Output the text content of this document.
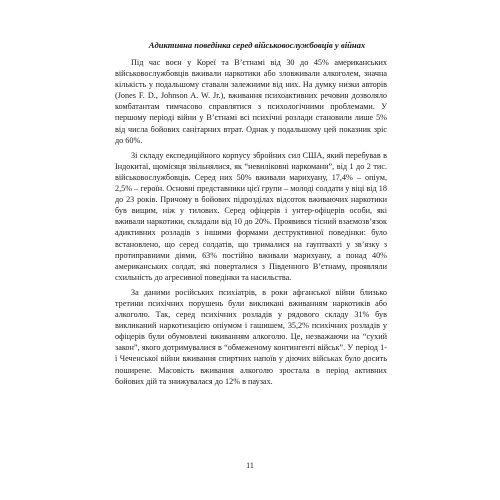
Адиктивна поведінка серед військовослужбовців у війнах

Під час воєн у Кореї та В’єтнамі від 30 до 45% американських військовослужбовців вживали наркотики або зловживали алкоголем, значна кількість у подальшому ставали залежними від них. На думку низки авторів (Jones F. D., Johnson A. W. Jr.), вживання психоактивних речовин дозволяло комбатантам тимчасово справлятися з психологічними проблемами. У першому періоді війни у В’єтнамі всі психічні розлади становили лише 5% від числа бойових санітарних втрат. Однак у подальшому цей показник зріс до 60%.

Зі складу експедиційного корпусу збройних сил США, який перебував в Індокитаї, щомісяця звільнялися, як “невиліковні наркомани”, від 1 до 2 тис. військовослужбовців. Серед них 50% вживали марихуану, 17,4% – опіум, 2,5% – героїн. Основні представники цієї групи – молоді солдати у віці від 18 до 23 років. Причому в бойових підрозділах відсоток вживаючих наркотики був вищим, ніж у тилових. Серед офіцерів і унтер-офіцерів особи, які вживали наркотики, складали від 10 до 20%. Проявився тісний взаємозв’язок адиктивних розладів з іншими формами деструктивної поведінки: було встановлено, що серед солдатів, що трималися на гауптвахті у зв’язку з протиправними діями, 63% постійно вживали марихуану, а понад 40% американських солдат, які поверталися з Південного В’єтнаму, проявляли схильність до агресивної поведінки та насильства.

За даними російських психіатрів, в роки афганської війни близько третини психічних порушень були викликані вживанням наркотиків або алкоголю. Так, серед психічних розладів у рядового складу 31% був викликаний наркотизацією опіумом і гашишем, 35,2% психічних розладів у офіцерів були обумовлені вживанням алкоголю. Це, незважаючи на “сухий закон”, якого дотримувалися в “обмеженому контингенті військ”. У період 1-ї Чеченської війни вживання спиртних напоїв у діючих військах було досить поширене. Масовість вживання алкоголю зростала в період активних бойових дій та знижувалася до 12% в паузах.

11
